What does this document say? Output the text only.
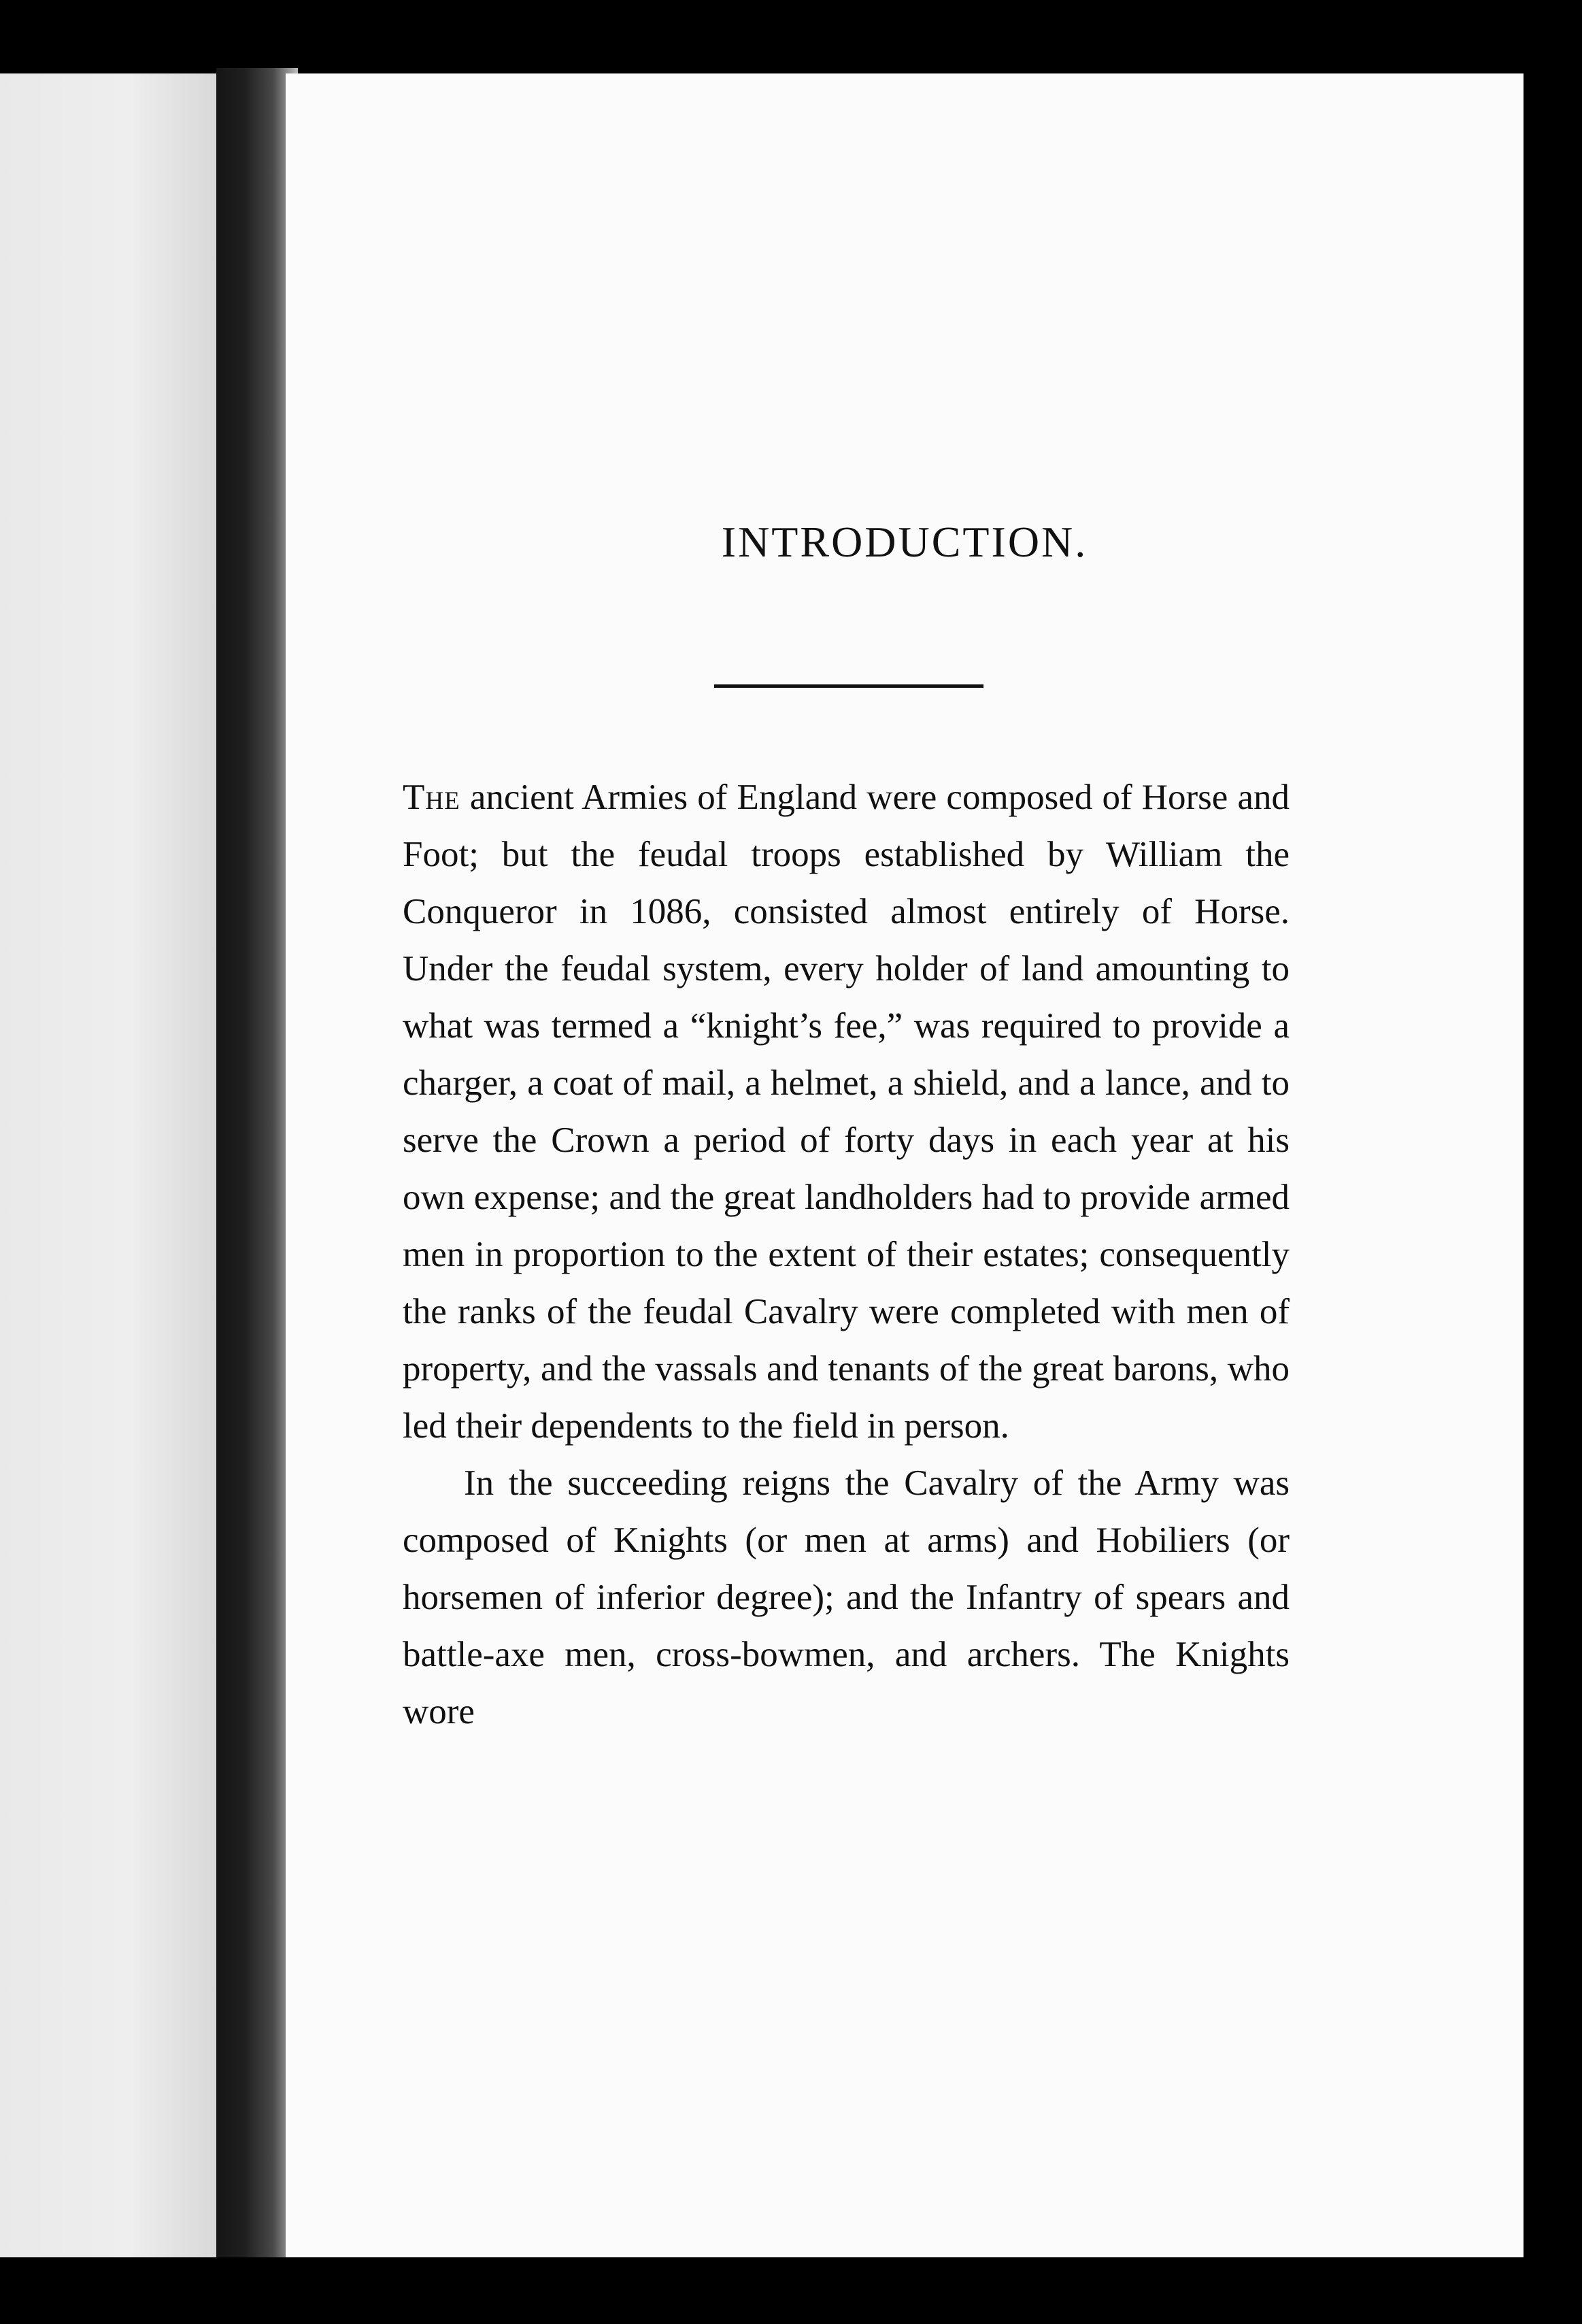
INTRODUCTION.

The ancient Armies of England were composed of Horse and Foot; but the feudal troops established by William the Conqueror in 1086, consisted almost entirely of Horse. Under the feudal system, every holder of land amounting to what was termed a “knight’s fee,” was required to provide a charger, a coat of mail, a helmet, a shield, and a lance, and to serve the Crown a period of forty days in each year at his own expense; and the great landholders had to provide armed men in proportion to the extent of their estates; consequently the ranks of the feudal Cavalry were completed with men of property, and the vassals and tenants of the great barons, who led their dependents to the field in person.

In the succeeding reigns the Cavalry of the Army was composed of Knights (or men at arms) and Hobiliers (or horsemen of inferior degree); and the Infantry of spears and battle-axe men, cross-bowmen, and archers. The Knights wore
